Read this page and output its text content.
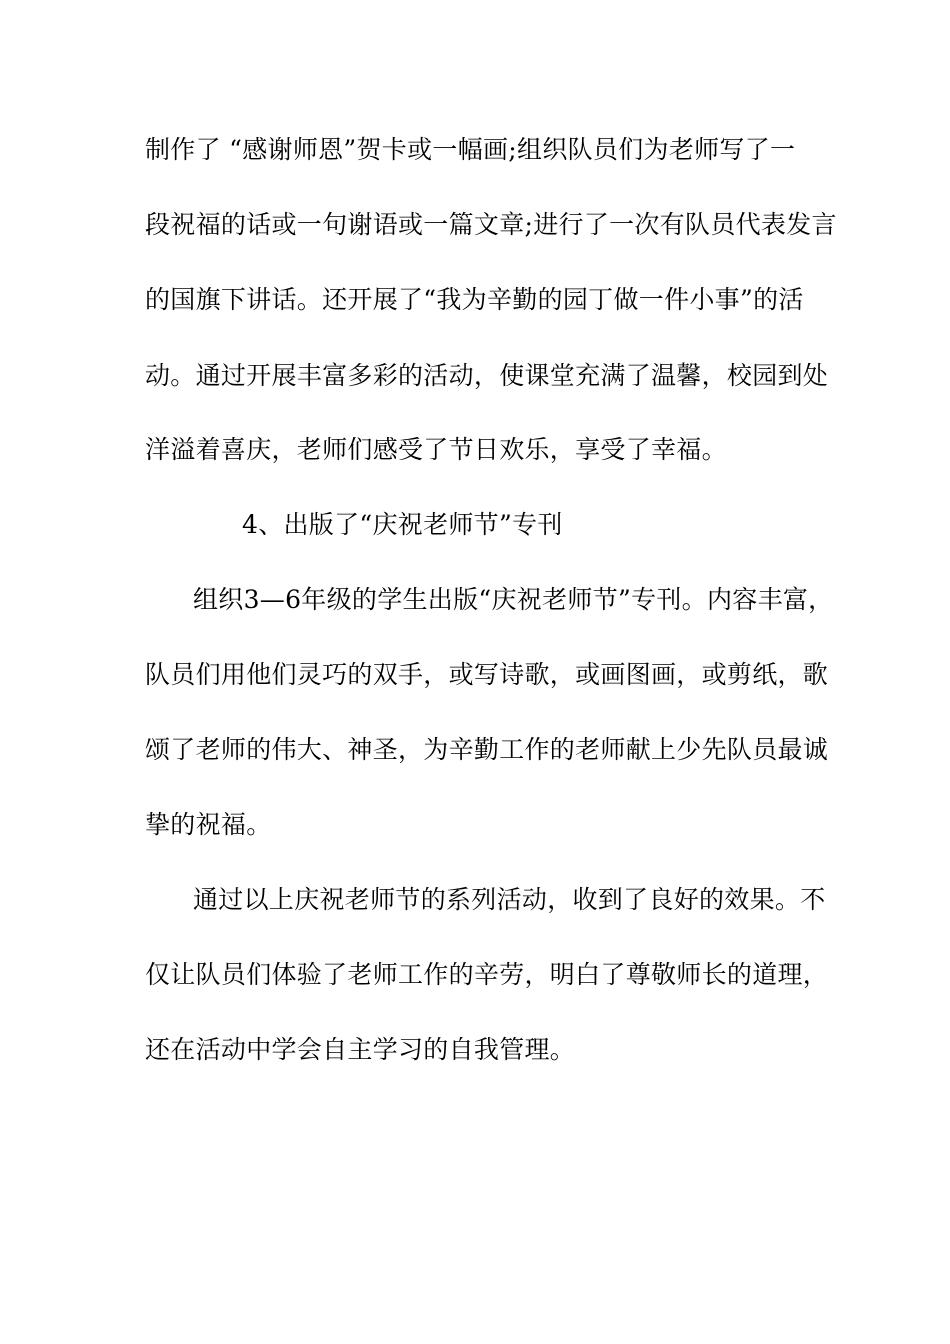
制作了 “感谢师恩”贺卡或一幅画;组织队员们为老师写了一
段祝福的话或一句谢语或一篇文章;进行了一次有队员代表发言
的国旗下讲话。还开展了“我为辛勤的园丁做一件小事”的活
动。通过开展丰富多彩的活动，使课堂充满了温馨，校园到处
洋溢着喜庆，老师们感受了节日欢乐，享受了幸福。
4、出版了“庆祝老师节”专刊
组织3—6年级的学生出版“庆祝老师节”专刊。内容丰富，
队员们用他们灵巧的双手，或写诗歌，或画图画，或剪纸，歌
颂了老师的伟大、神圣，为辛勤工作的老师献上少先队员最诚
挚的祝福。
通过以上庆祝老师节的系列活动，收到了良好的效果。不
仅让队员们体验了老师工作的辛劳，明白了尊敬师长的道理，
还在活动中学会自主学习的自我管理。
